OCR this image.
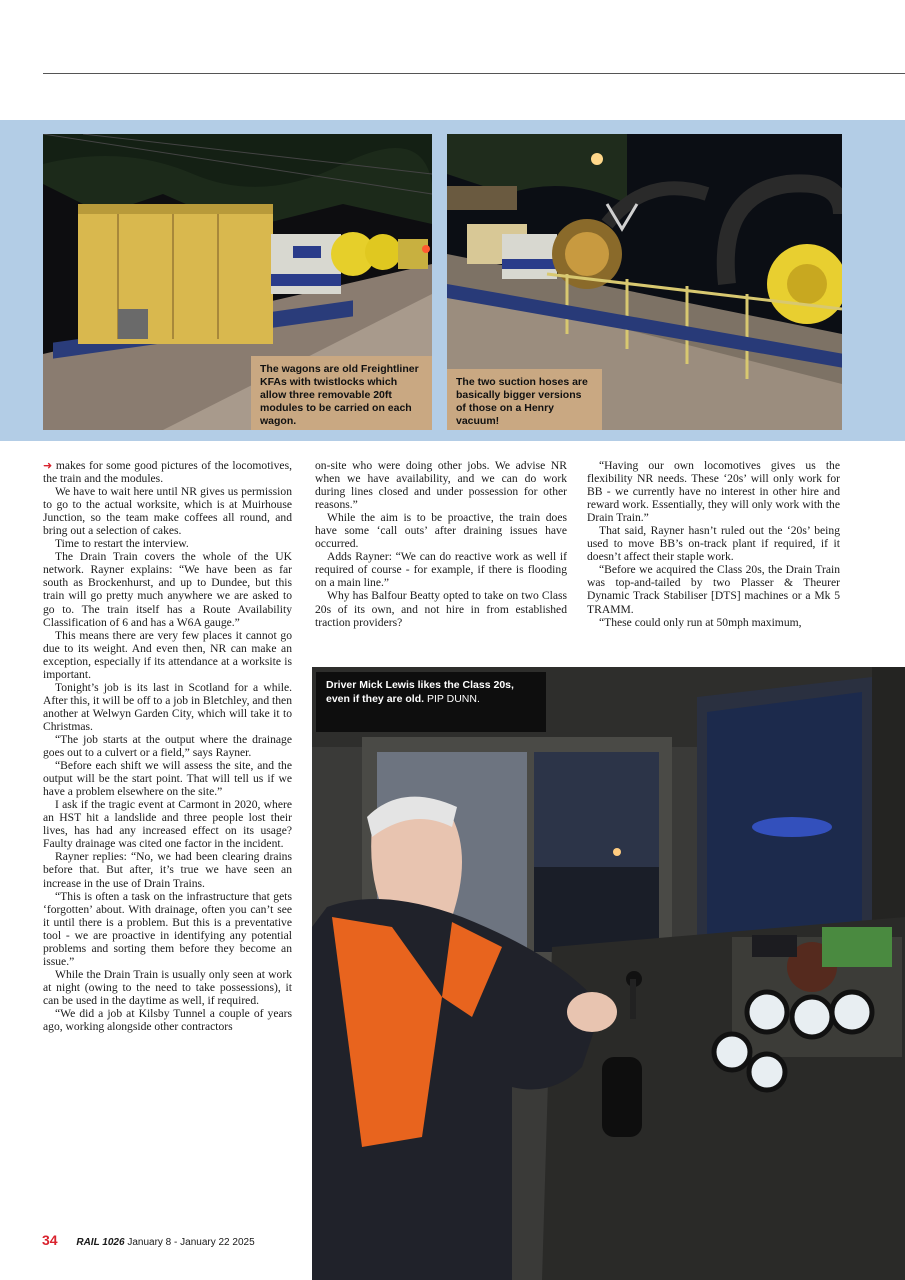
The wagons are old Freightliner KFAs with twistlocks which allow three removable 20ft modules to be carried on each wagon.
The two suction hoses are basically bigger versions of those on a Henry vacuum!

➜ makes for some good pictures of the locomotives, the train and the modules.

We have to wait here until NR gives us permission to go to the actual worksite, which is at Muirhouse Junction, so the team make coffees all round, and bring out a selection of cakes.

Time to restart the interview.

The Drain Train covers the whole of the UK network. Rayner explains: “We have been as far south as Brockenhurst, and up to Dundee, but this train will go pretty much anywhere we are asked to go to. The train itself has a Route Availability Classification of 6 and has a W6A gauge.”

This means there are very few places it cannot go due to its weight. And even then, NR can make an exception, especially if its attendance at a worksite is important.

Tonight’s job is its last in Scotland for a while. After this, it will be off to a job in Bletchley, and then another at Welwyn Garden City, which will take it to Christmas.

“The job starts at the output where the drainage goes out to a culvert or a field,” says Rayner.

“Before each shift we will assess the site, and the output will be the start point. That will tell us if we have a problem elsewhere on the site.”

I ask if the tragic event at Carmont in 2020, where an HST hit a landslide and three people lost their lives, has had any increased effect on its usage? Faulty drainage was cited one factor in the incident.

Rayner replies: “No, we had been clearing drains before that. But after, it’s true we have seen an increase in the use of Drain Trains.

“This is often a task on the infrastructure that gets ‘forgotten’ about. With drainage, often you can’t see it until there is a problem. But this is a preventative tool - we are proactive in identifying any potential problems and sorting them before they become an issue.”

While the Drain Train is usually only seen at work at night (owing to the need to take possessions), it can be used in the daytime as well, if required.

“We did a job at Kilsby Tunnel a couple of years ago, working alongside other contractors

on-site who were doing other jobs. We advise NR when we have availability, and we can do work during lines closed and under possession for other reasons.”

While the aim is to be proactive, the train does have some ‘call outs’ after draining issues have occurred.

Adds Rayner: “We can do reactive work as well if required of course - for example, if there is flooding on a main line.”

Why has Balfour Beatty opted to take on two Class 20s of its own, and not hire in from established traction providers?

“Having our own locomotives gives us the flexibility NR needs. These ‘20s’ will only work for BB - we currently have no interest in other hire and reward work. Essentially, they will only work with the Drain Train.”

That said, Rayner hasn’t ruled out the ‘20s’ being used to move BB’s on-track plant if required, if it doesn’t affect their staple work.

“Before we acquired the Class 20s, the Drain Train was top-and-tailed by two Plasser & Theurer Dynamic Track Stabiliser [DTS] machines or a Mk 5 TRAMM.

“These could only run at 50mph maximum,

Driver Mick Lewis likes the Class 20s, even if they are old. PIP DUNN.
34 RAIL 1026 January 8 - January 22 2025
